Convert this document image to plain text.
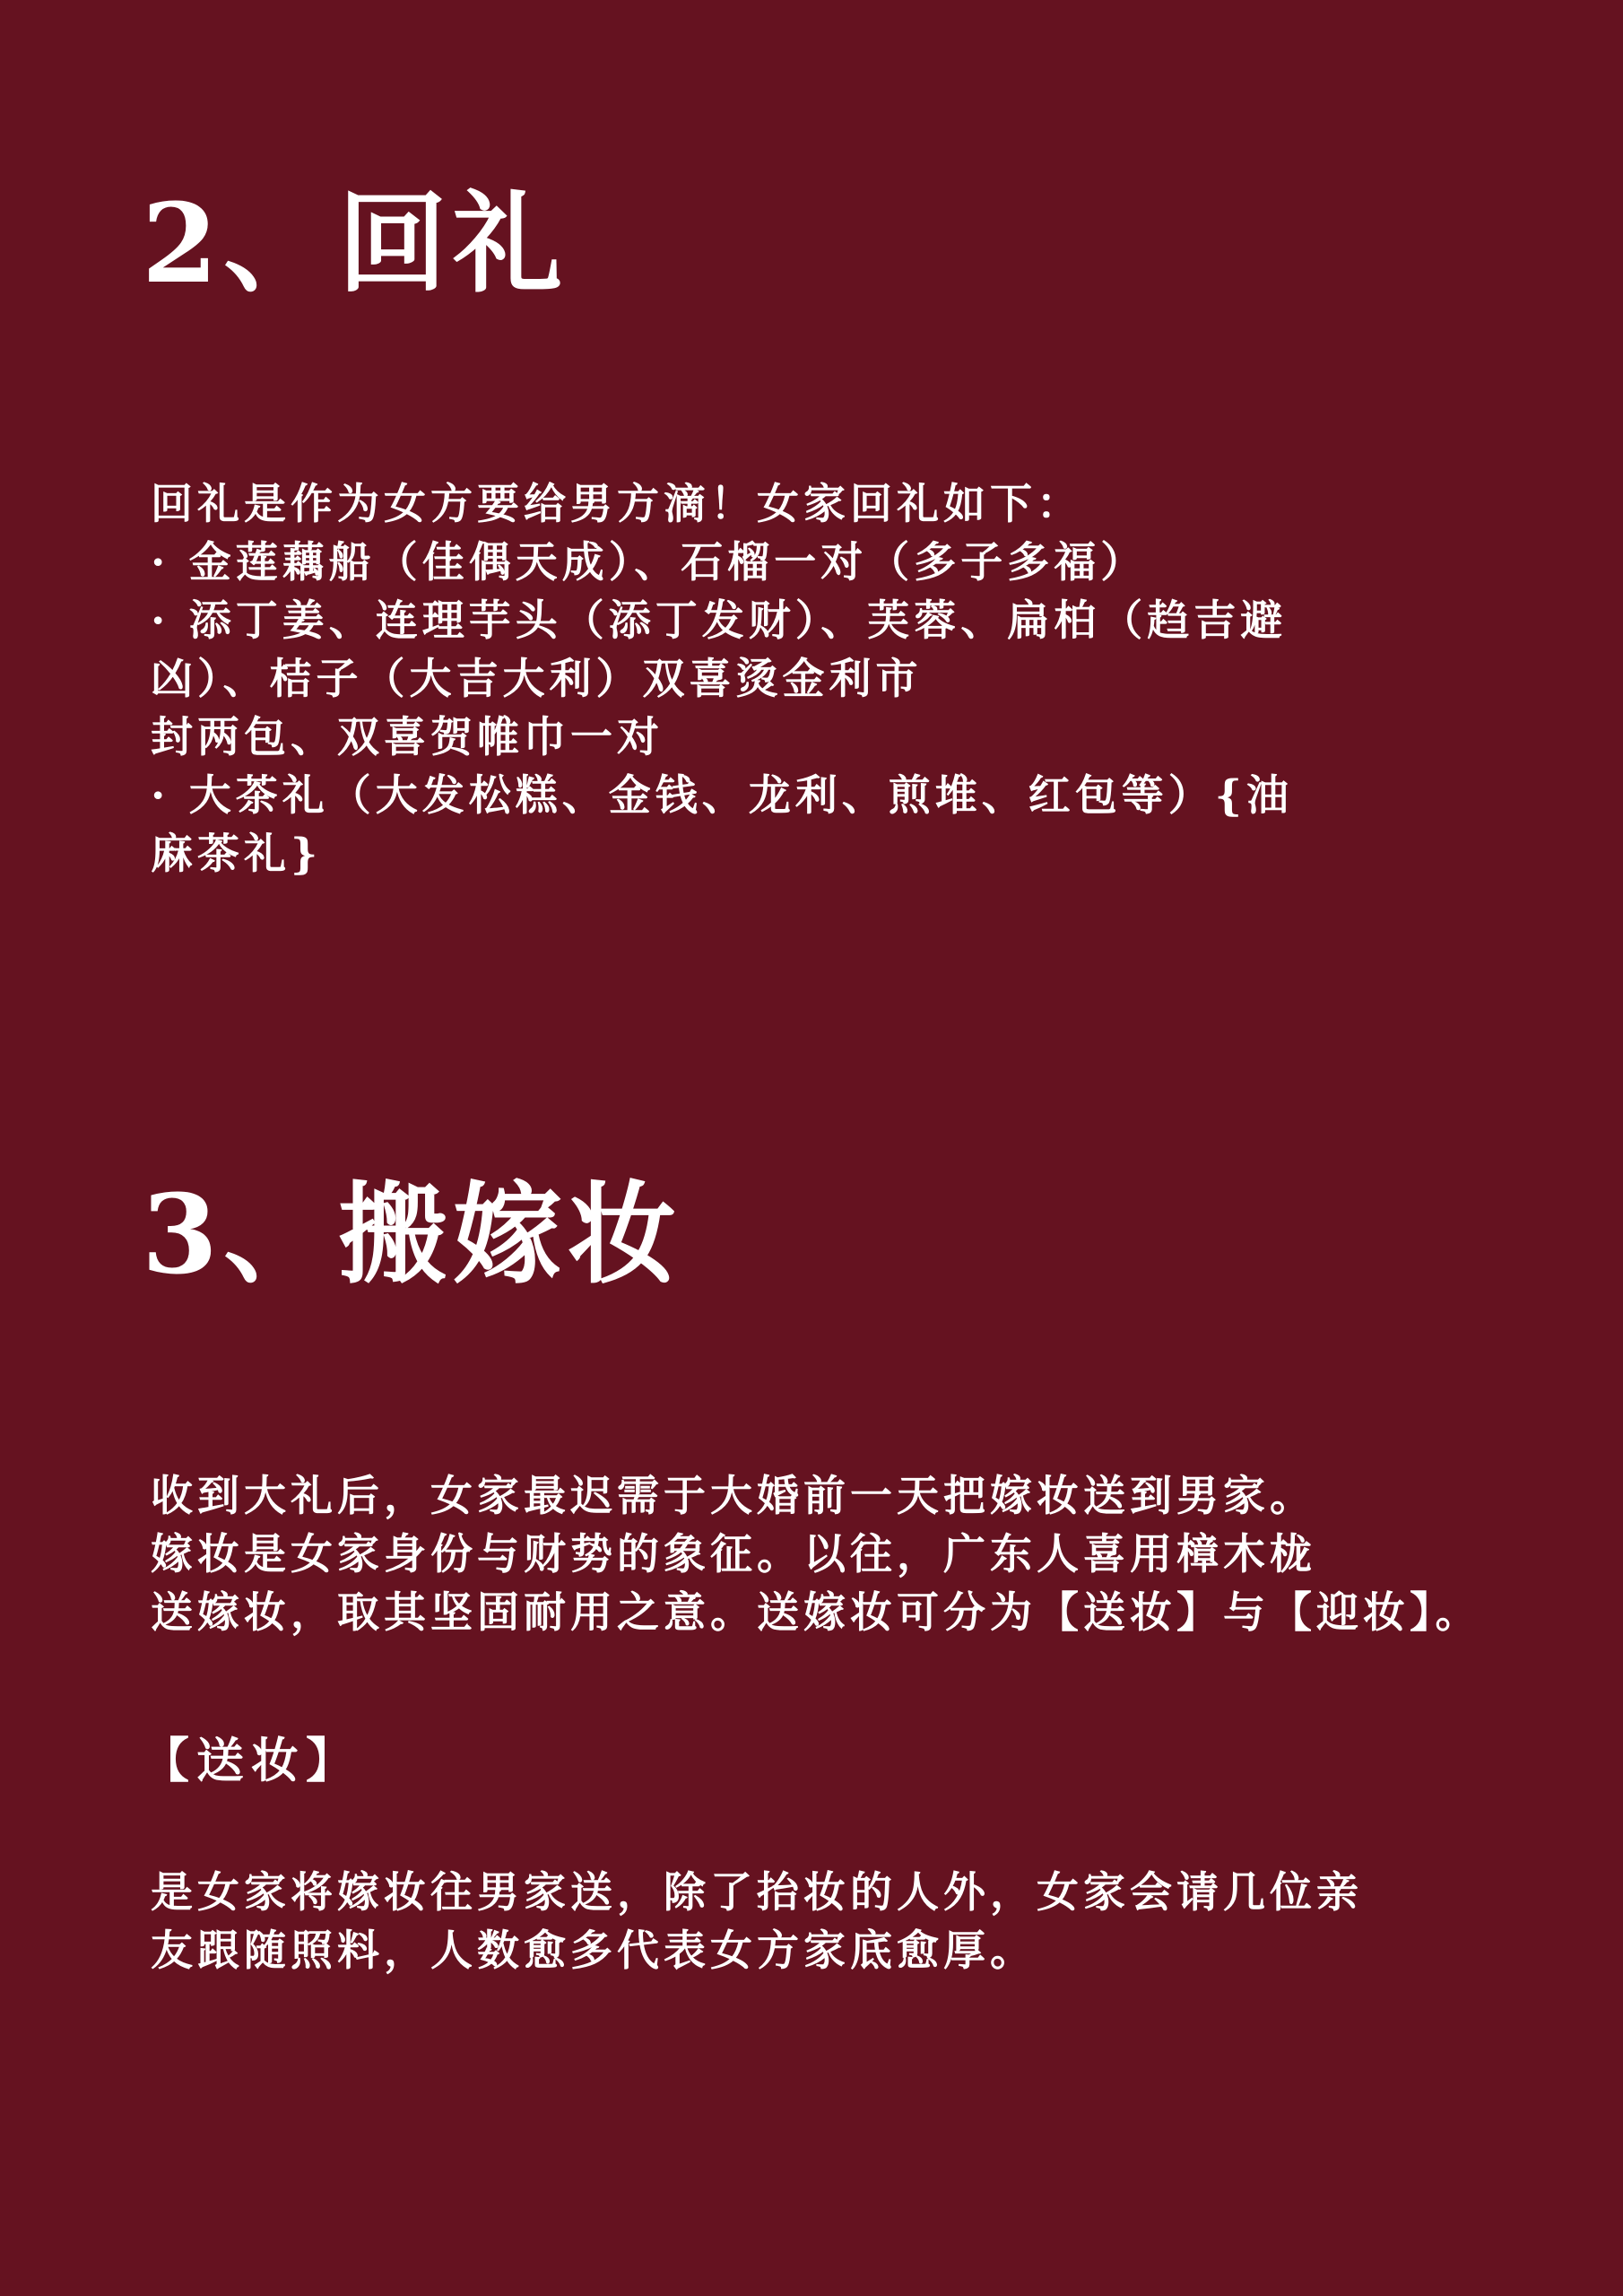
2、回礼
回礼是作为女方要给男方滴！女家回礼如下：
· 金莲藕船（佳偶天成）、石榴一对（多子多福）
· 添丁姜、连理芋头（添丁发财）、芙蓉、扁柏（趋吉避
凶）、桔子（大吉大利）双喜烫金利市
封两包、双喜贺帷巾一对
· 大茶礼（大发松糕、金钱、龙利、煎堆、红包等）{油
麻茶礼}
3、搬嫁妆
收到大礼后，女家最迟需于大婚前一天把嫁妆送到男家。
嫁妆是女家身份与财势的象征。以往，广东人喜用樟木栊
送嫁妆，取其坚固耐用之意。送嫁妆可分为【送妆】与【迎妆】。
【送妆】
是女家将嫁妆往男家送，除了抬妆的人外，女家会请几位亲
友跟随照料，人数愈多代表女方家底愈厚。
